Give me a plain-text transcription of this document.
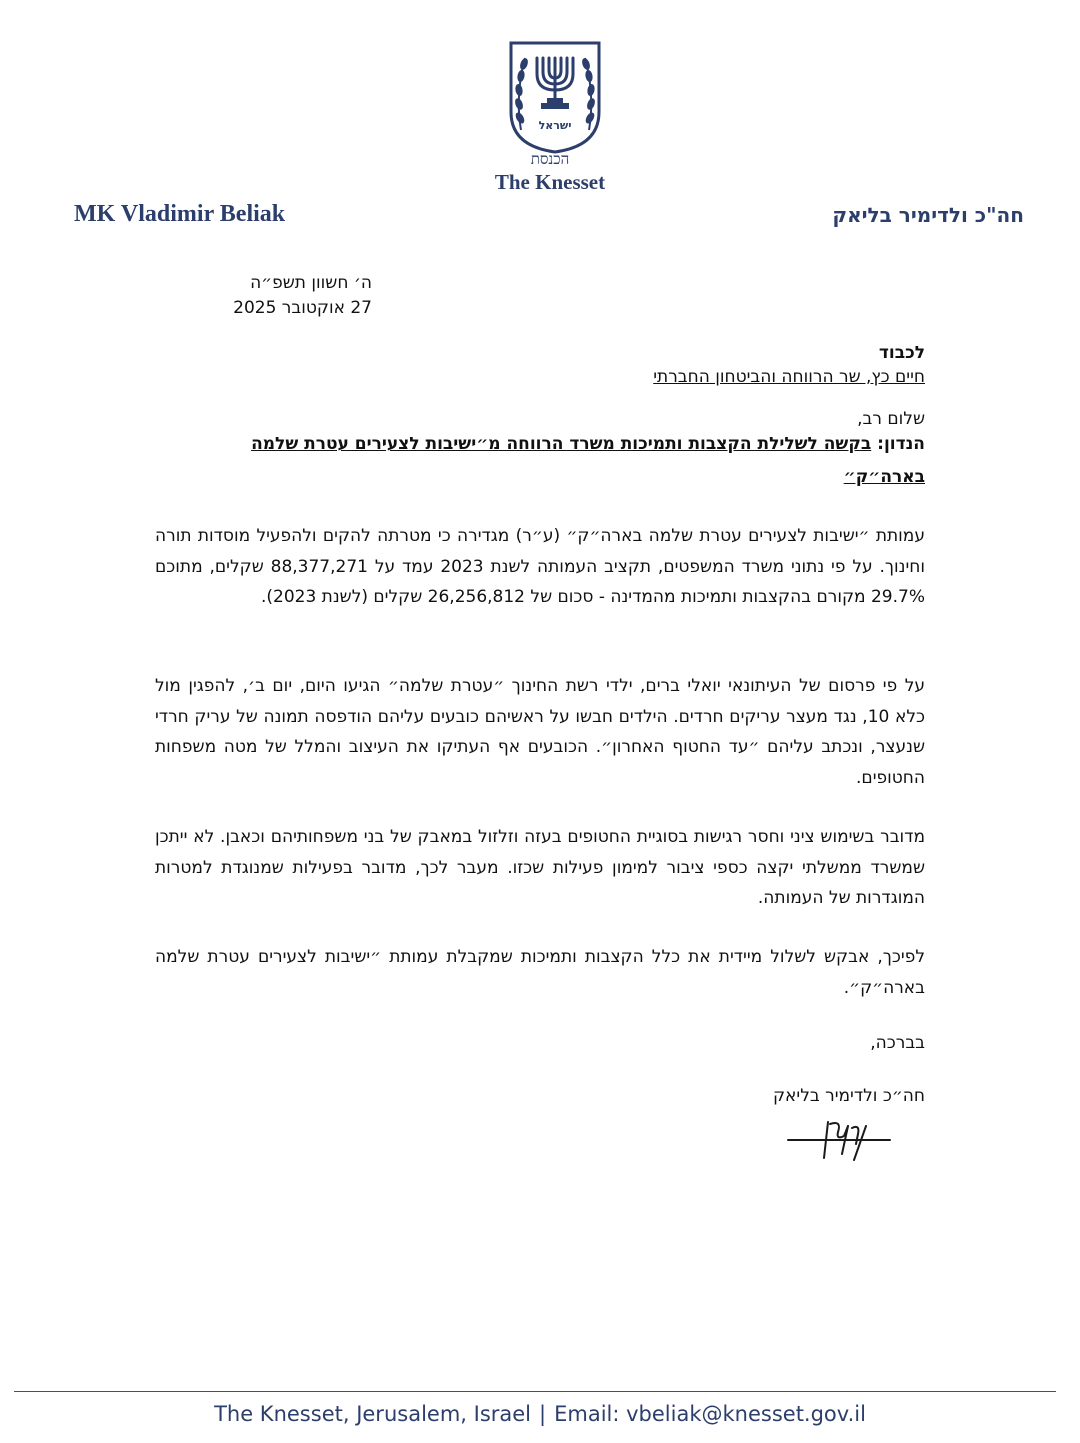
ישראל
הכנסת
The Knesset
MK Vladimir Beliak	חה"כ ולדימיר בליאק
ה׳ חשוון תשפ״ה
27 אוקטובר 2025
לכבוד
חיים כץ, שר הרווחה והביטחון החברתי
שלום רב,
הנדון: בקשה לשלילת הקצבות ותמיכות משרד הרווחה מ״ישיבות לצעירים עטרת שלמה בארה״ק״
עמותת ״ישיבות לצעירים עטרת שלמה בארה״ק״ (ע״ר) מגדירה כי מטרתה להקים ולהפעיל מוסדות תורה וחינוך. על פי נתוני משרד המשפטים, תקציב העמותה לשנת 2023 עמד על 88,377,271 שקלים, מתוכם 29.7% מקורם בהקצבות ותמיכות מהמדינה - סכום של 26,256,812 שקלים (לשנת 2023).
על פי פרסום של העיתונאי יואלי ברים, ילדי רשת החינוך ״עטרת שלמה״ הגיעו היום, יום ב׳, להפגין מול כלא 10, נגד מעצר עריקים חרדים. הילדים חבשו על ראשיהם כובעים עליהם הודפסה תמונה של עריק חרדי שנעצר, ונכתב עליהם ״עד החטוף האחרון״. הכובעים אף העתיקו את העיצוב והמלל של מטה משפחות החטופים.
מדובר בשימוש ציני וחסר רגישות בסוגיית החטופים בעזה וזלזול במאבק של בני משפחותיהם וכאבן. לא ייתכן שמשרד ממשלתי יקצה כספי ציבור למימון פעילות שכזו. מעבר לכך, מדובר בפעילות שמנוגדת למטרות המוגדרות של העמותה.
לפיכך, אבקש לשלול מיידית את כלל הקצבות ותמיכות שמקבלת עמותת ״ישיבות לצעירים עטרת שלמה בארה״ק״.
בברכה,
חה״כ ולדימיר בליאק
The Knesset, Jerusalem, Israel | Email: vbeliak@knesset.gov.il
